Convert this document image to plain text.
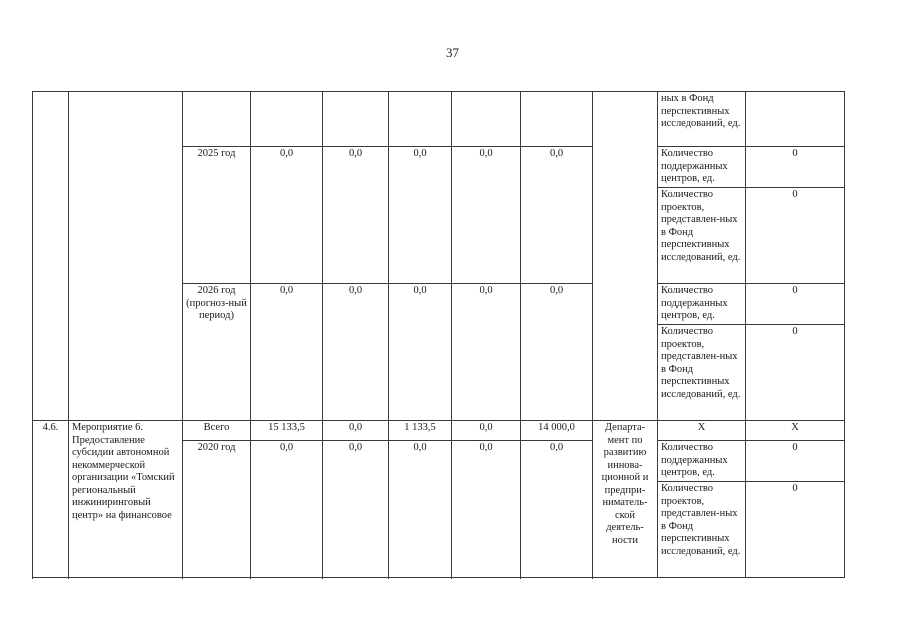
37
									ных в Фонд перспективных исследований, ед.	
		2025 год	0,0	0,0	0,0	0,0	0,0		Количество поддержанных центров, ед.	0
									Количество проектов, представлен-ных в Фонд перспективных исследований, ед.	0
		2026 год (прогноз-ный период)	0,0	0,0	0,0	0,0	0,0		Количество поддержанных центров, ед.	0
									Количество проектов, представлен-ных в Фонд перспективных исследований, ед.	0
4.6.	Мероприятие 6. Предоставление субсидии автономной некоммерческой организации «Томский региональный инжиниринговый центр» на финансовое	Всего	15 133,5	0,0	1 133,5	0,0	14 000,0	Департа-мент по развитию иннова-ционной и предпри-ниматель-ской деятель-ности	X	X
		2020 год	0,0	0,0	0,0	0,0	0,0		Количество поддержанных центров, ед.	0
									Количество проектов, представлен-ных в Фонд перспективных исследований, ед.	0
